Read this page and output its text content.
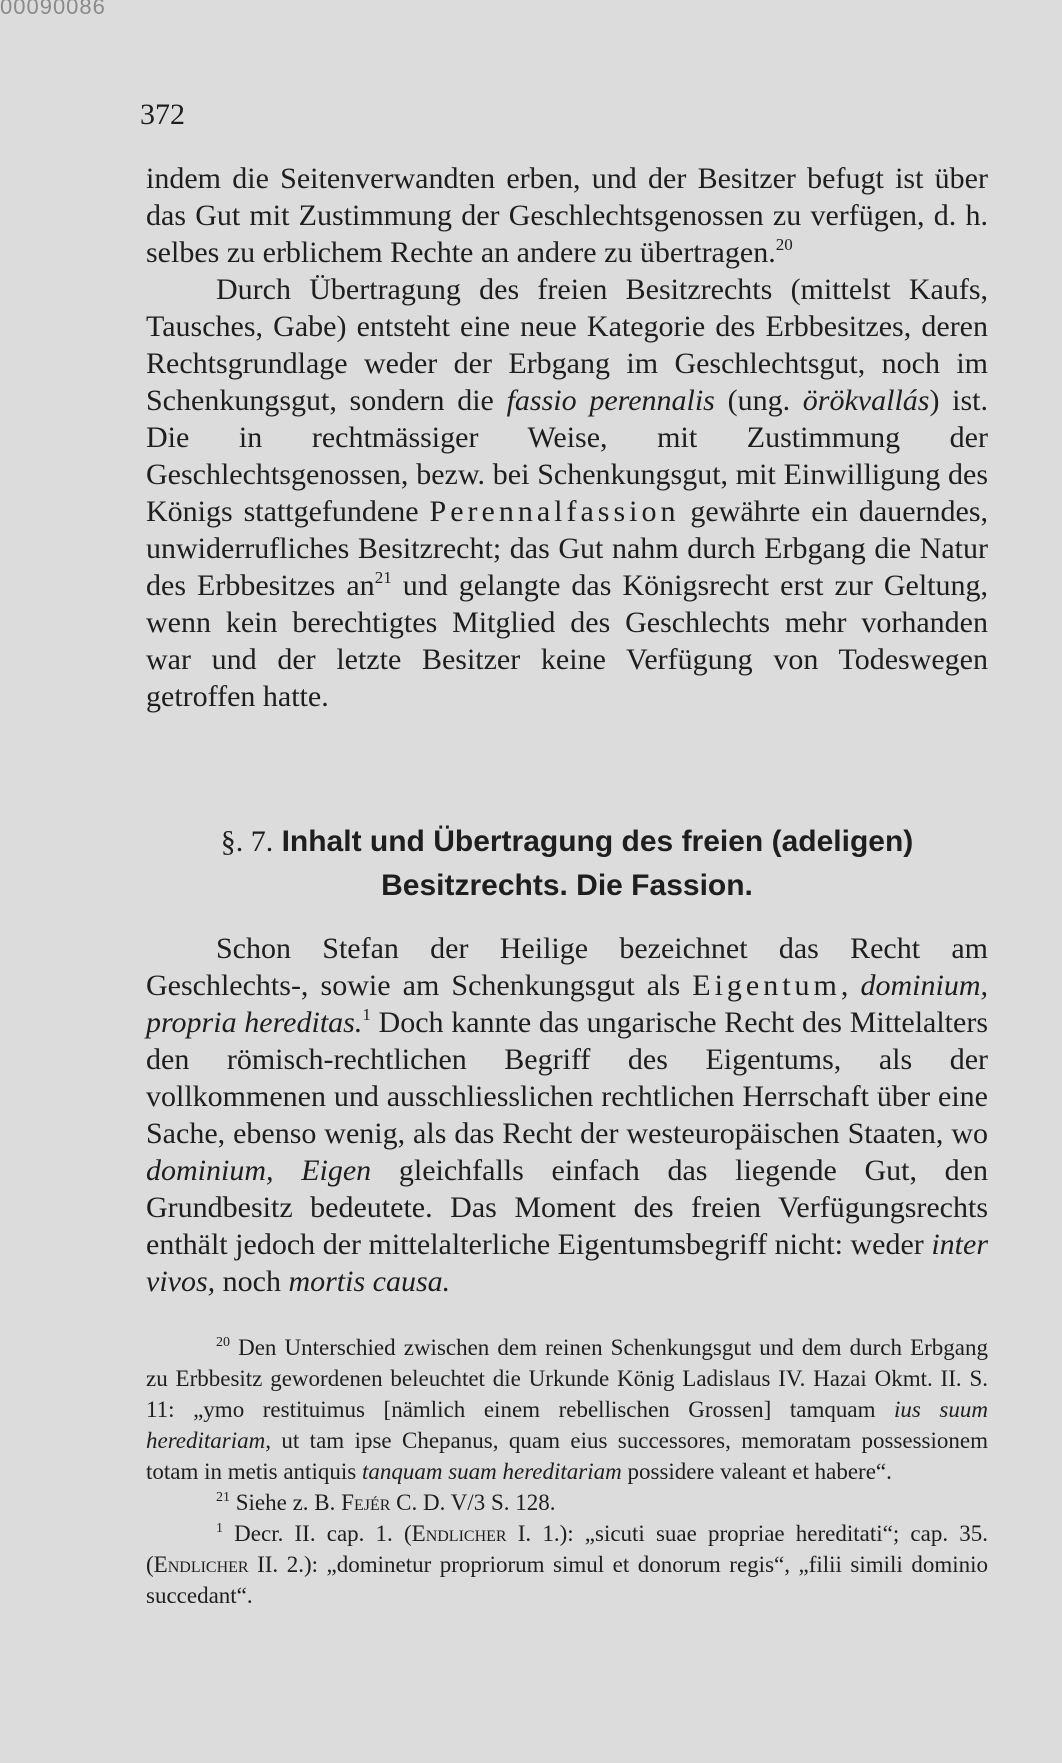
00090086
372

indem die Seitenverwandten erben, und der Besitzer befugt ist über das Gut mit Zustimmung der Geschlechtsgenossen zu verfügen, d. h. selbes zu erblichem Rechte an andere zu übertragen.$^{20}$

Durch Übertragung des freien Besitzrechts (mittelst Kaufs, Tausches, Gabe) entsteht eine neue Kategorie des Erbbesitzes, deren Rechtsgrundlage weder der Erbgang im Geschlechtsgut, noch im Schenkungsgut, sondern die fassio perennalis (ung. örökvallás) ist. Die in rechtmässiger Weise, mit Zustimmung der Geschlechtsgenossen, bezw. bei Schenkungsgut, mit Einwilligung des Königs stattgefundene Perennalfassion gewährte ein dauerndes, unwiderrufliches Besitzrecht; das Gut nahm durch Erbgang die Natur des Erbbesitzes $an^{21}$ und gelangte das Königsrecht erst zur Geltung, wenn kein berechtigtes Mitglied des Geschlechts mehr vorhanden war und der letzte Besitzer keine Verfügung von Todeswegen getroffen hatte.

§. 7. Inhalt und Übertragung des freien (adeligen) Besitzrechts. Die Fassion.

Schon Stefan der Heilige bezeichnet das Recht am Geschlechts-, sowie am Schenkungsgut als Eigentum, dominium, propria hereditas.$^1$ Doch kannte das ungarische Recht des Mittelalters den römisch-rechtlichen Begriff des Eigentums, als der vollkommenen und ausschliesslichen rechtlichen Herrschaft über eine Sache, ebenso wenig, als das Recht der westeuropäischen Staaten, wo dominium, Eigen gleichfalls einfach das liegende Gut, den Grundbesitz bedeutete. Das Moment des freien Verfügungsrechts enthält jedoch der mittelalterliche Eigentumsbegriff nicht: weder inter vivos, noch mortis causa.

$^{20}$ Den Unterschied zwischen dem reinen Schenkungsgut und dem durch Erbgang zu Erbbesitz gewordenen beleuchtet die Urkunde König Ladislaus IV. Hazai Okmt. II. S. 11: „ymo restituimus [nämlich einem rebellischen Grossen] tamquam ius suum hereditariam, ut tam ipse Chepanus, quam eius successores, memoratam possessionem totam in metis antiquis tanquam suam hereditariam possidere valeant et habere“.

$^{21}$ Siehe z. B. Fejér C. D. V/3 S. 128.

$^1$ Decr. II. cap. 1. (Endlicher I. 1.): „sicuti suae propriae hereditati“; cap. 35. (Endlicher II. 2.): „dominetur propriorum simul et donorum regis“, „filii simili dominio succedant“.
